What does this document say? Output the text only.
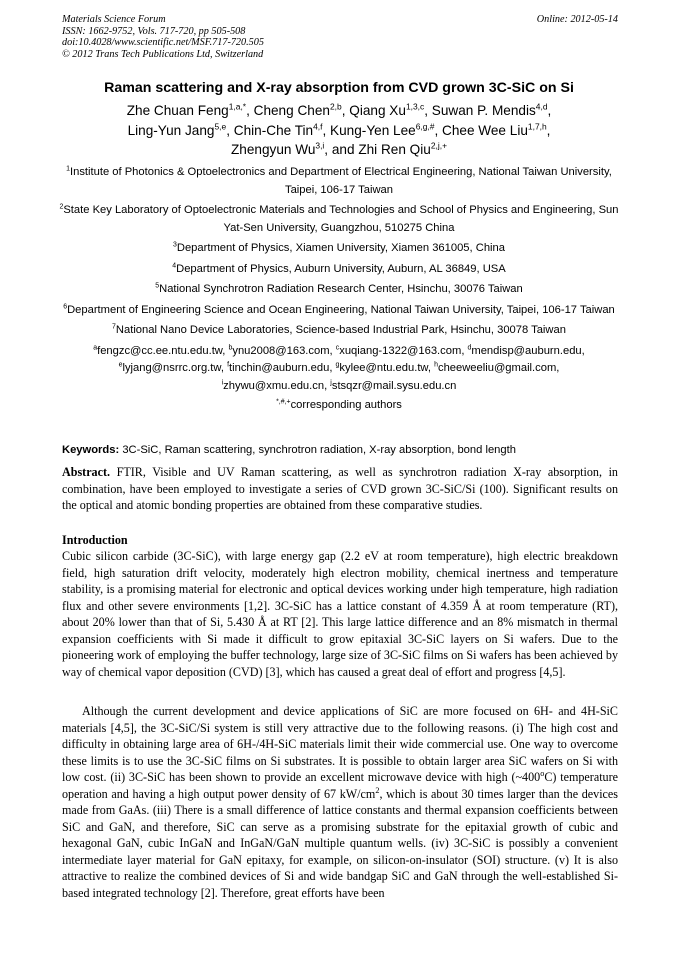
Materials Science Forum
ISSN: 1662-9752, Vols. 717-720, pp 505-508
doi:10.4028/www.scientific.net/MSF.717-720.505
© 2012 Trans Tech Publications Ltd, Switzerland
Online: 2012-05-14
Raman scattering and X-ray absorption from CVD grown 3C-SiC on Si
Zhe Chuan Feng$^{1,a,*}$, Cheng Chen$^{2,b}$, Qiang Xu$^{1,3,c}$, Suwan P. Mendis$^{4,d}$,
Ling-Yun Jang$^{5,e}$, Chin-Che Tin$^{4,f}$, Kung-Yen Lee$^{6,g,\#}$, Chee Wee Liu$^{1,7,h}$,
Zhengyun Wu$^{3,i}$, and Zhi Ren Qiu$^{2,j,+}$
$^1$Institute of Photonics & Optoelectronics and Department of Electrical Engineering, National Taiwan University, Taipei, 106-17 Taiwan
$^2$State Key Laboratory of Optoelectronic Materials and Technologies and School of Physics and Engineering, Sun Yat-Sen University, Guangzhou, 510275 China
$^3$Department of Physics, Xiamen University, Xiamen 361005, China
$^4$Department of Physics, Auburn University, Auburn, AL 36849, USA
$^5$National Synchrotron Radiation Research Center, Hsinchu, 30076 Taiwan
$^6$Department of Engineering Science and Ocean Engineering, National Taiwan University, Taipei, 106-17 Taiwan
$^7$National Nano Device Laboratories, Science-based Industrial Park, Hsinchu, 30078 Taiwan
$^a$fengzc@cc.ee.ntu.edu.tw, $^b$ynu2008@163.com, $^c$xuqiang-1322@163.com, $^d$mendisp@auburn.edu,
$^e$lyjang@nsrrc.org.tw, $^f$tinchin@auburn.edu, $^g$kylee@ntu.edu.tw, $^h$cheeweeliu@gmail.com,
$^i$zhywu@xmu.edu.cn, $^j$stsqzr@mail.sysu.edu.cn
*,#,+corresponding authors
Keywords: 3C-SiC, Raman scattering, synchrotron radiation, X-ray absorption, bond length
Abstract. FTIR, Visible and UV Raman scattering, as well as synchrotron radiation X-ray absorption, in combination, have been employed to investigate a series of CVD grown 3C-SiC/Si (100). Significant results on the optical and atomic bonding properties are obtained from these comparative studies.
Introduction
Cubic silicon carbide (3C-SiC), with large energy gap (2.2 eV at room temperature), high electric breakdown field, high saturation drift velocity, moderately high electron mobility, chemical inertness and temperature stability, is a promising material for electronic and optical devices working under high temperature, high radiation flux and other severe environments [1,2]. 3C-SiC has a lattice constant of 4.359 Å at room temperature (RT), about 20% lower than that of Si, 5.430 Å at RT [2]. This large lattice difference and an 8% mismatch in thermal expansion coefficients with Si made it difficult to grow epitaxial 3C-SiC layers on Si wafers. Due to the pioneering work of employing the buffer technology, large size of 3C-SiC films on Si wafers has been achieved by way of chemical vapor deposition (CVD) [3], which has caused a great deal of effort and progress [4,5].
Although the current development and device applications of SiC are more focused on 6H- and 4H-SiC materials [4,5], the 3C-SiC/Si system is still very attractive due to the following reasons. (i) The high cost and difficulty in obtaining large area of 6H-/4H-SiC materials limit their wide commercial use. One way to overcome these limits is to use the 3C-SiC films on Si substrates. It is possible to obtain larger area SiC wafers on Si with low cost. (ii) 3C-SiC has been shown to provide an excellent microwave device with high (~400$^o$C) temperature operation and having a high output power density of 67 $kW/cm^2$, which is about 30 times larger than the devices made from GaAs. (iii) There is a small difference of lattice constants and thermal expansion coefficients between SiC and GaN, and therefore, SiC can serve as a promising substrate for the epitaxial growth of cubic and hexagonal GaN, cubic InGaN and InGaN/GaN multiple quantum wells. (iv) 3C-SiC is possibly a convenient intermediate layer material for GaN epitaxy, for example, on silicon-on-insulator (SOI) structure. (v) It is also attractive to realize the combined devices of Si and wide bandgap SiC and GaN through the well-established Si-based integrated technology [2]. Therefore, great efforts have been
